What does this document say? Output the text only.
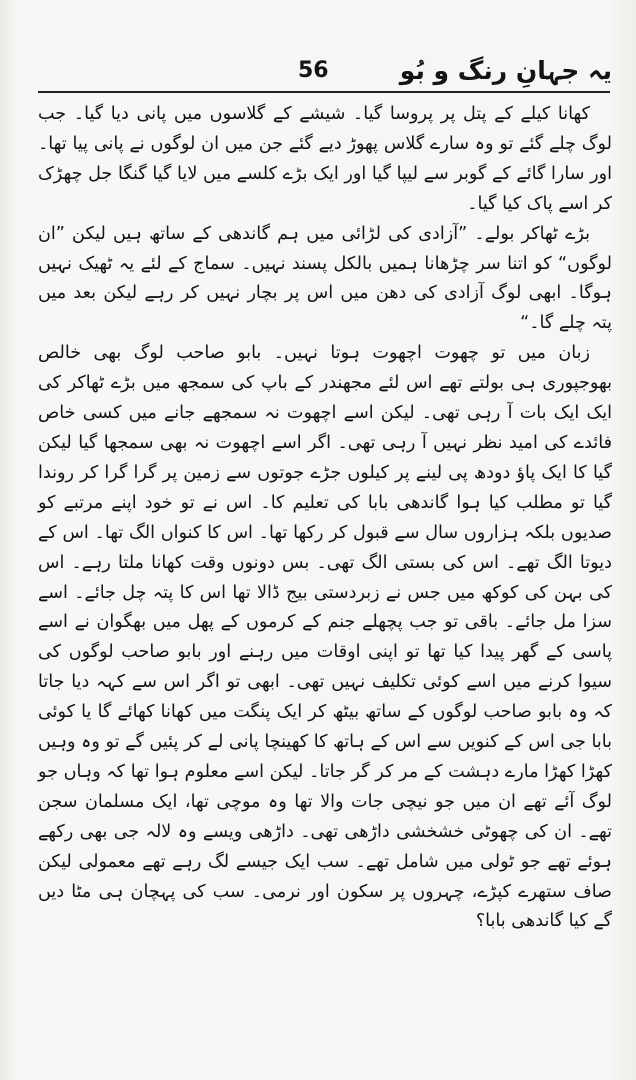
یہ جہانِ رنگ و بُو
56

کھانا کیلے کے پتل پر پروسا گیا۔ شیشے کے گلاسوں میں پانی دیا گیا۔ جب لوگ چلے گئے تو وہ سارے گلاس پھوڑ دیے گئے جن میں ان لوگوں نے پانی پیا تھا۔ اور سارا گائے کے گوبر سے لیپا گیا اور ایک بڑے کلسے میں لایا گیا گنگا جل چھڑک کر اسے پاک کیا گیا۔

بڑے ٹھاکر بولے۔ ”آزادی کی لڑائی میں ہم گاندھی کے ساتھ ہیں لیکن ”ان لوگوں“ کو اتنا سر چڑھانا ہمیں بالکل پسند نہیں۔ سماج کے لئے یہ ٹھیک نہیں ہوگا۔ ابھی لوگ آزادی کی دھن میں اس پر بچار نہیں کر رہے لیکن بعد میں پتہ چلے گا۔“

زبان میں تو چھوت اچھوت ہوتا نہیں۔ بابو صاحب لوگ بھی خالص بھوجپوری ہی بولتے تھے اس لئے مجھندر کے باپ کی سمجھ میں بڑے ٹھاکر کی ایک ایک بات آ رہی تھی۔ لیکن اسے اچھوت نہ سمجھے جانے میں کسی خاص فائدے کی امید نظر نہیں آ رہی تھی۔ اگر اسے اچھوت نہ بھی سمجھا گیا لیکن گیا کا ایک پاؤ دودھ پی لینے پر کیلوں جڑے جوتوں سے زمین پر گرا گرا کر روندا گیا تو مطلب کیا ہوا گاندھی بابا کی تعلیم کا۔ اس نے تو خود اپنے مرتبے کو صدیوں بلکہ ہزاروں سال سے قبول کر رکھا تھا۔ اس کا کنواں الگ تھا۔ اس کے دیوتا الگ تھے۔ اس کی بستی الگ تھی۔ بس دونوں وقت کھانا ملتا رہے۔ اس کی بہن کی کوکھ میں جس نے زبردستی بیج ڈالا تھا اس کا پتہ چل جائے۔ اسے سزا مل جائے۔ باقی تو جب پچھلے جنم کے کرموں کے پھل میں بھگوان نے اسے پاسی کے گھر پیدا کیا تھا تو اپنی اوقات میں رہنے اور بابو صاحب لوگوں کی سیوا کرنے میں اسے کوئی تکلیف نہیں تھی۔ ابھی تو اگر اس سے کہہ دیا جاتا کہ وہ بابو صاحب لوگوں کے ساتھ بیٹھ کر ایک پنگت میں کھانا کھائے گا یا کوئی بابا جی اس کے کنویں سے اس کے ہاتھ کا کھینچا پانی لے کر پئیں گے تو وہ وہیں کھڑا کھڑا مارے دہشت کے مر کر گر جاتا۔ لیکن اسے معلوم ہوا تھا کہ وہاں جو لوگ آئے تھے ان میں جو نیچی جات والا تھا وہ موچی تھا، ایک مسلمان سجن تھے۔ ان کی چھوٹی خشخشی داڑھی تھی۔ داڑھی ویسے وہ لالہ جی بھی رکھے ہوئے تھے جو ٹولی میں شامل تھے۔ سب ایک جیسے لگ رہے تھے معمولی لیکن صاف ستھرے کپڑے، چہروں پر سکون اور نرمی۔ سب کی پہچان ہی مٹا دیں گے کیا گاندھی بابا؟
